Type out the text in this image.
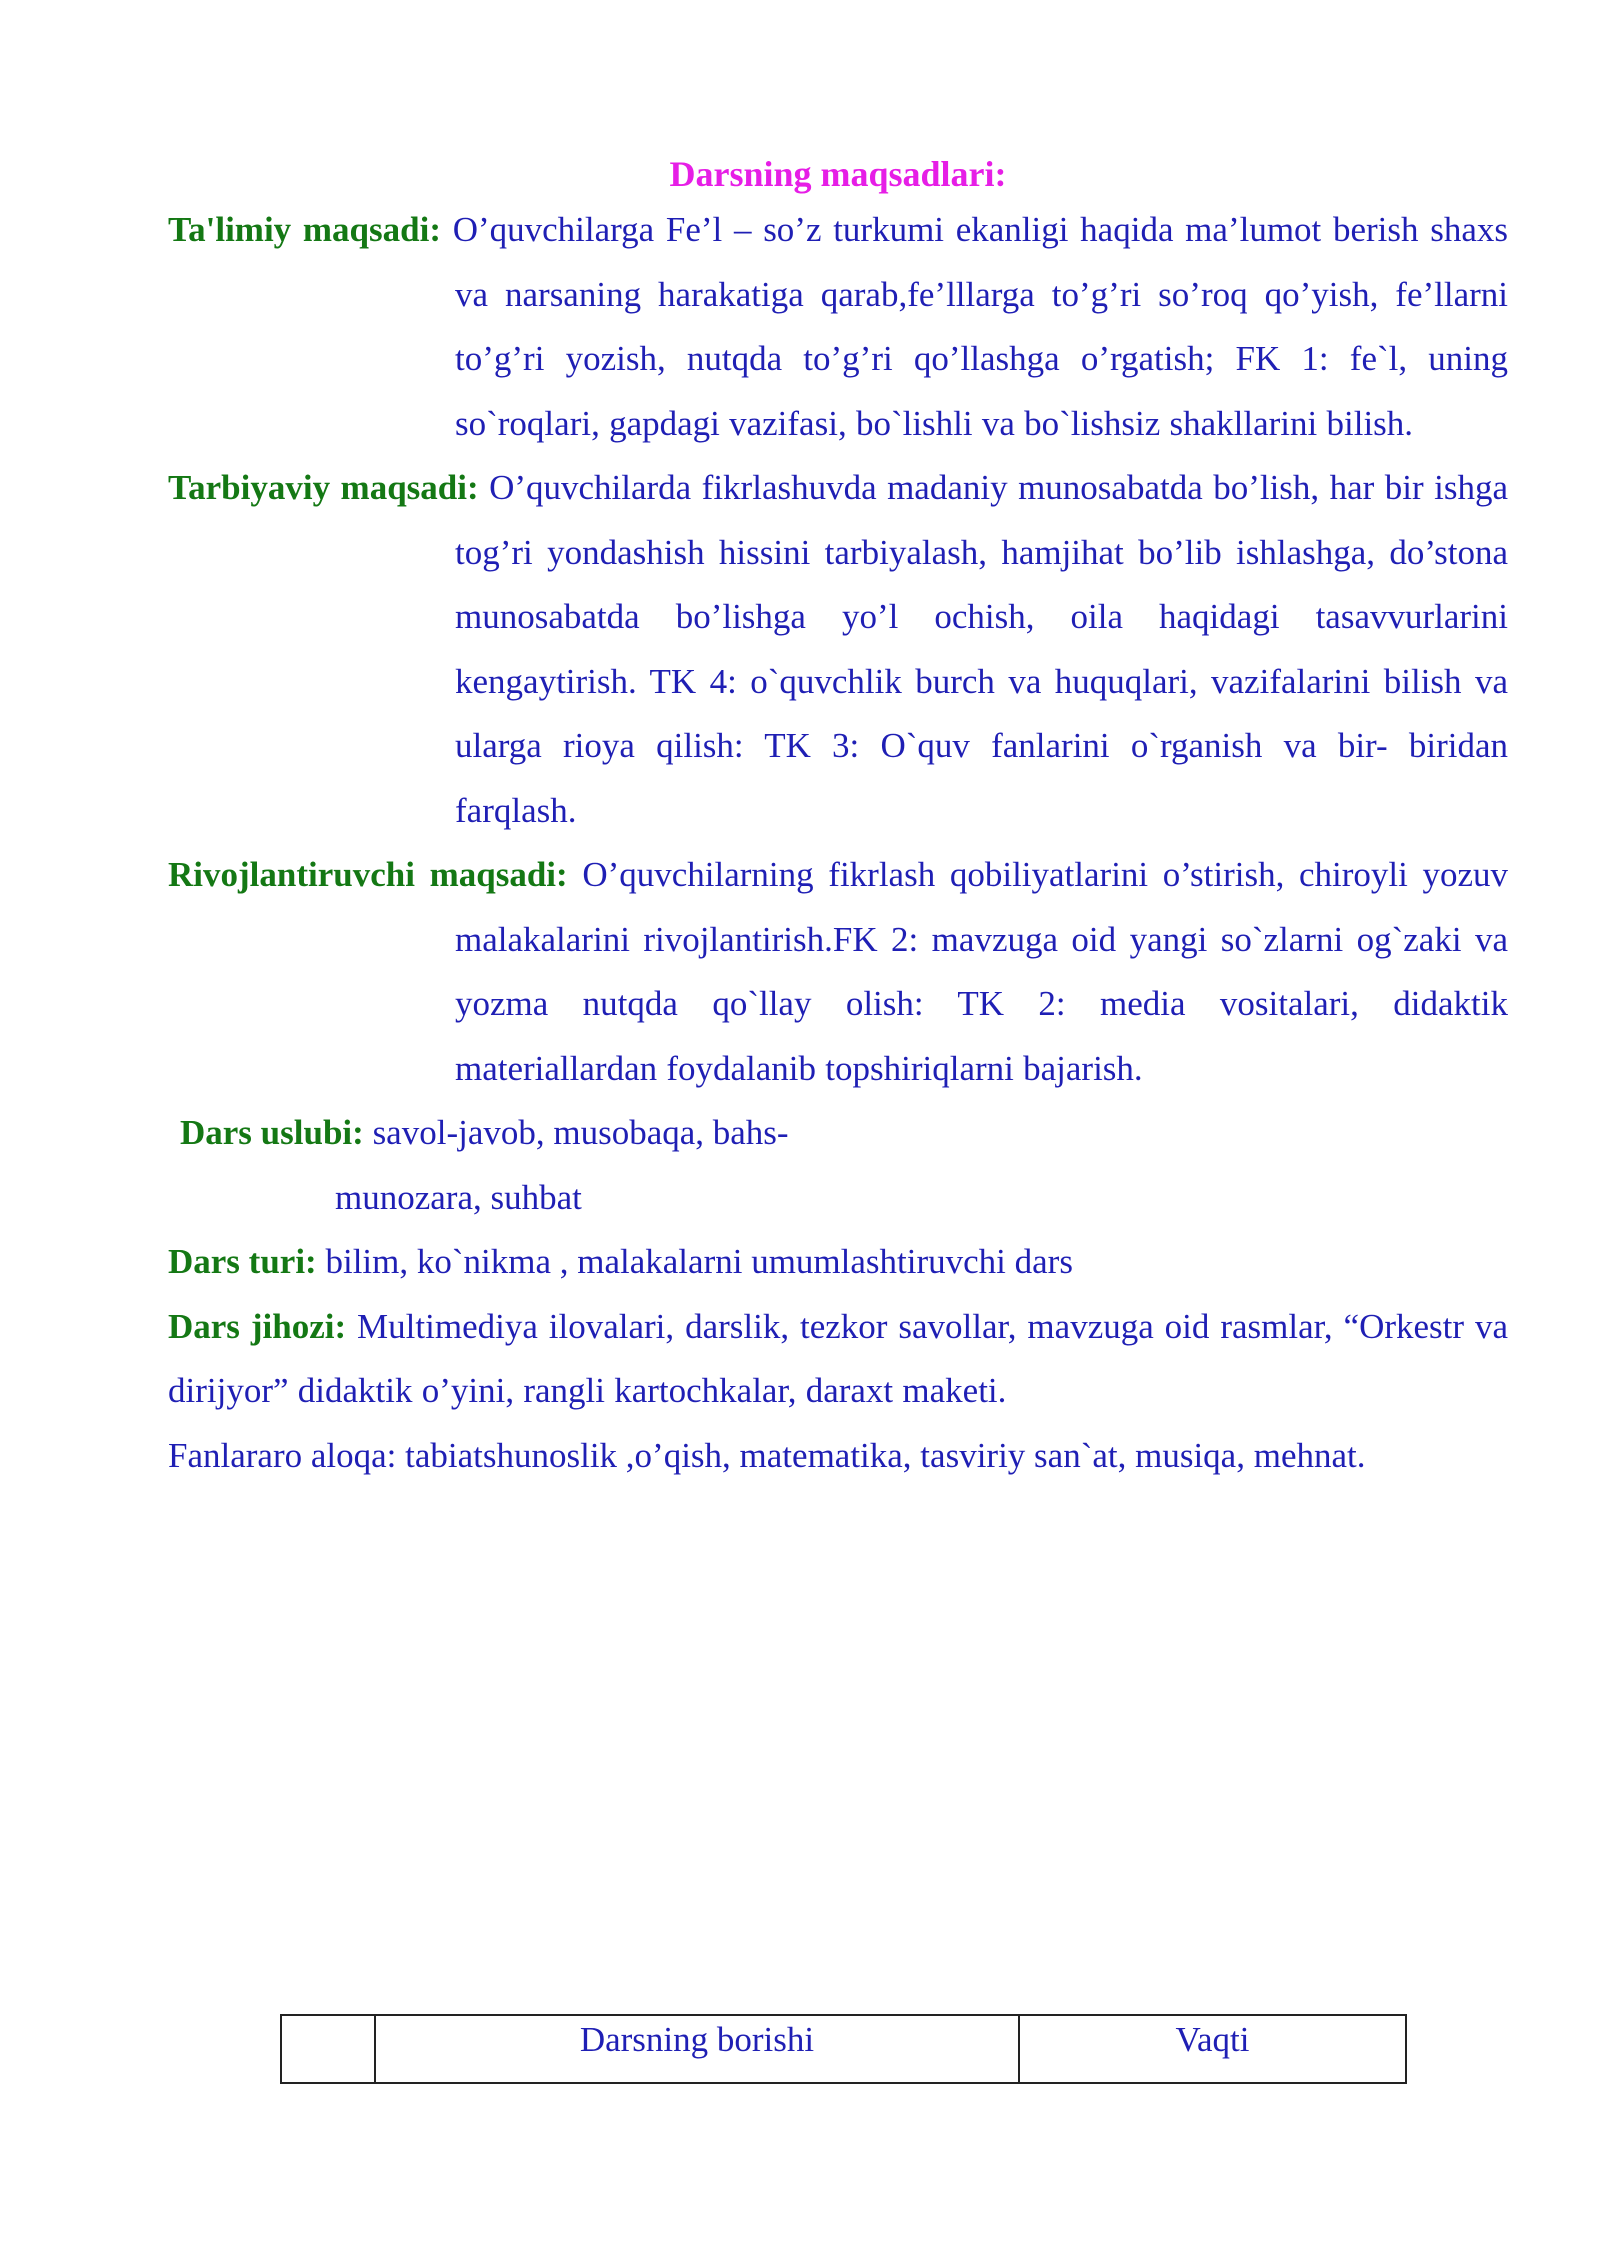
Darsning maqsadlari:
Ta'limiy maqsadi: O’quvchilarga Fe’l – so’z turkumi ekanligi haqida ma’lumot berish shaxs va narsaning harakatiga qarab,fe’lllarga to’g’ri so’roq qo’yish, fe’llarni to’g’ri yozish, nutqda to’g’ri qo’llashga o’rgatish; FK 1: fe`l, uning so`roqlari, gapdagi vazifasi, bo`lishli va bo`lishsiz shakllarini bilish.
Tarbiyaviy maqsadi: O’quvchilarda fikrlashuvda madaniy munosabatda bo’lish, har bir ishga tog’ri yondashish hissini tarbiyalash, hamjihat bo’lib ishlashga, do’stona munosabatda bo’lishga yo’l ochish, oila haqidagi tasavvurlarini kengaytirish. TK 4: o`quvchlik burch va huquqlari, vazifalarini bilish va ularga rioya qilish: TK 3: O`quv fanlarini o`rganish va bir- biridan farqlash.
Rivojlantiruvchi maqsadi: O’quvchilarning fikrlash qobiliyatlarini o’stirish, chiroyli yozuv malakalarini rivojlantirish.FK 2: mavzuga oid yangi so`zlarni og`zaki va yozma nutqda qo`llay olish: TK 2: media vositalari, didaktik materiallardan foydalanib topshiriqlarni bajarish.
Dars uslubi: savol-javob, musobaqa, bahs-
munozara, suhbat
Dars turi: bilim, ko`nikma , malakalarni umumlashtiruvchi dars
Dars jihozi: Multimediya ilovalari, darslik, tezkor savollar, mavzuga oid rasmlar, “Orkestr va dirijyor” didaktik o’yini, rangli kartochkalar, daraxt maketi.
Fanlararo aloqa: tabiatshunoslik ,o’qish, matematika, tasviriy san`at, musiqa, mehnat.
	Darsning borishi	Vaqti
